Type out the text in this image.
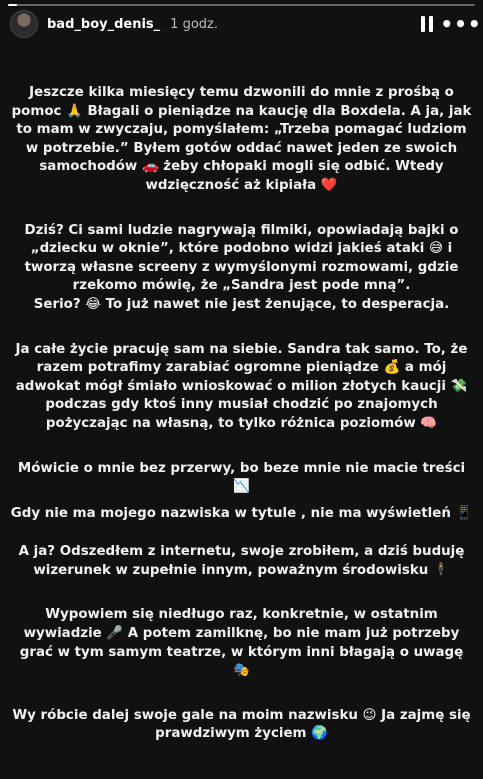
bad_boy_denis_ 1 godz.	•••

Jeszcze kilka miesięcy temu dzwonili do mnie z prośbą o
pomoc 🙏 Błagali o pieniądze na kaucję dla Boxdela. A ja, jak
to mam w zwyczaju, pomyślałem: „Trzeba pomagać ludziom
w potrzebie.” Byłem gotów oddać nawet jeden ze swoich
samochodów 🚗 żeby chłopaki mogli się odbić. Wtedy
wdzięczność aż kipiała ❤️

Dziś? Ci sami ludzie nagrywają filmiki, opowiadają bajki o
„dziecku w oknie”, które podobno widzi jakieś ataki 😅 i
tworzą własne screeny z wymyślonymi rozmowami, gdzie
rzekomo mówię, że „Sandra jest pode mną”.
Serio? 😂 To już nawet nie jest żenujące, to desperacja.

Ja całe życie pracuję sam na siebie. Sandra tak samo. To, że
razem potrafimy zarabiać ogromne pieniądze 💰 a mój
adwokat mógł śmiało wnioskować o milion złotych kaucji 💸
podczas gdy ktoś inny musiał chodzić po znajomych
pożyczając na własną, to tylko różnica poziomów 🧠

Mówicie o mnie bez przerwy, bo beze mnie nie macie treści
📉

Gdy nie ma mojego nazwiska w tytule , nie ma wyświetleń 📱

A ja? Odszedłem z internetu, swoje zrobiłem, a dziś buduję
wizerunek w zupełnie innym, poważnym środowisku 🕴️

Wypowiem się niedługo raz, konkretnie, w ostatnim
wywiadzie 🎤 A potem zamilknę, bo nie mam już potrzeby
grać w tym samym teatrze, w którym inni błagają o uwagę
🎭

Wy róbcie dalej swoje gale na moim nazwisku 😉 Ja zajmę się
prawdziwym życiem 🌍
